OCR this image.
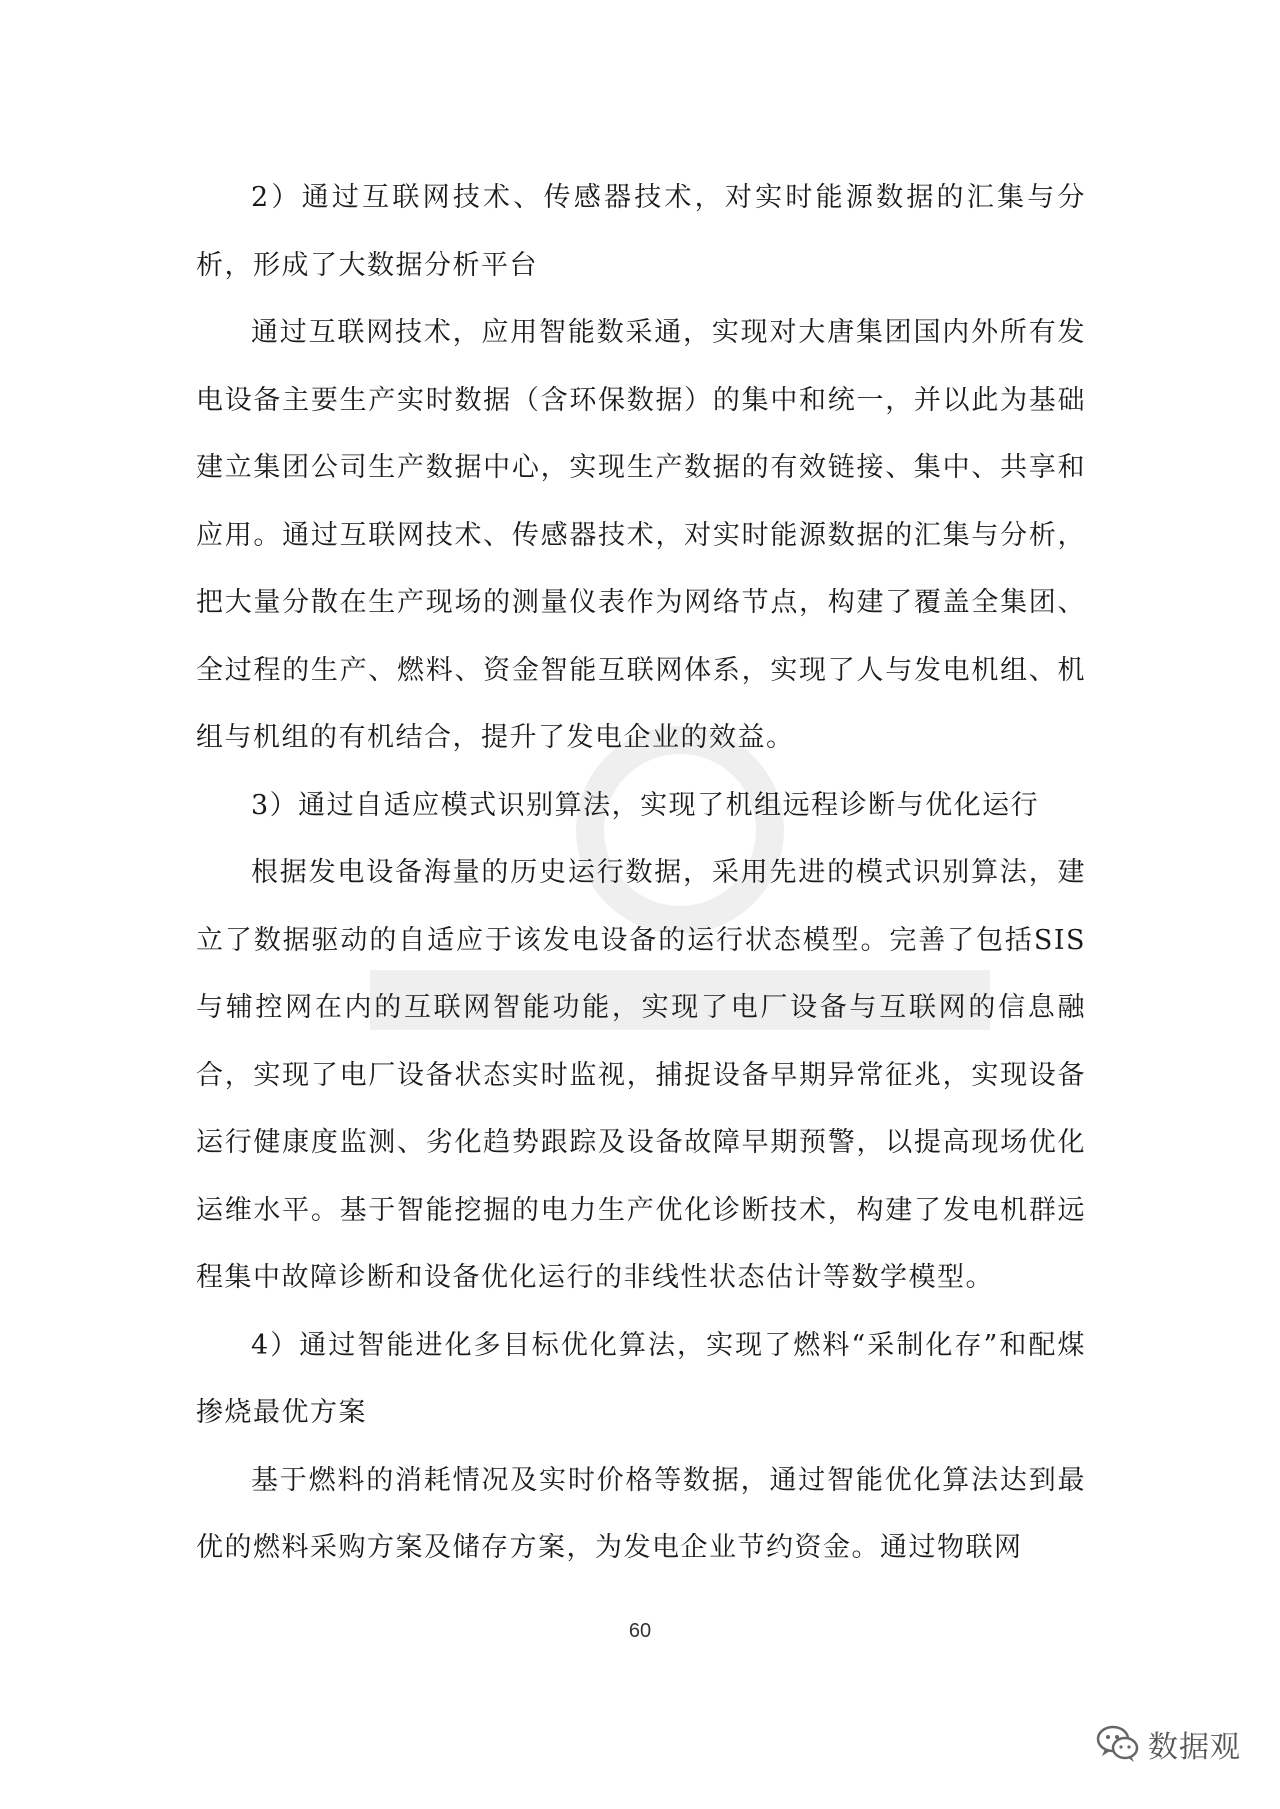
2）通过互联网技术、传感器技术，对实时能源数据的汇集与分析，形成了大数据分析平台

通过互联网技术，应用智能数采通，实现对大唐集团国内外所有发电设备主要生产实时数据（含环保数据）的集中和统一，并以此为基础建立集团公司生产数据中心，实现生产数据的有效链接、集中、共享和应用。通过互联网技术、传感器技术，对实时能源数据的汇集与分析，把大量分散在生产现场的测量仪表作为网络节点，构建了覆盖全集团、全过程的生产、燃料、资金智能互联网体系，实现了人与发电机组、机组与机组的有机结合，提升了发电企业的效益。

3）通过自适应模式识别算法，实现了机组远程诊断与优化运行

根据发电设备海量的历史运行数据，采用先进的模式识别算法，建立了数据驱动的自适应于该发电设备的运行状态模型。完善了包括SIS与辅控网在内的互联网智能功能，实现了电厂设备与互联网的信息融合，实现了电厂设备状态实时监视，捕捉设备早期异常征兆，实现设备运行健康度监测、劣化趋势跟踪及设备故障早期预警，以提高现场优化运维水平。基于智能挖掘的电力生产优化诊断技术，构建了发电机群远程集中故障诊断和设备优化运行的非线性状态估计等数学模型。

4）通过智能进化多目标优化算法，实现了燃料“采制化存”和配煤掺烧最优方案

基于燃料的消耗情况及实时价格等数据，通过智能优化算法达到最优的燃料采购方案及储存方案，为发电企业节约资金。通过物联网

60
数据观
